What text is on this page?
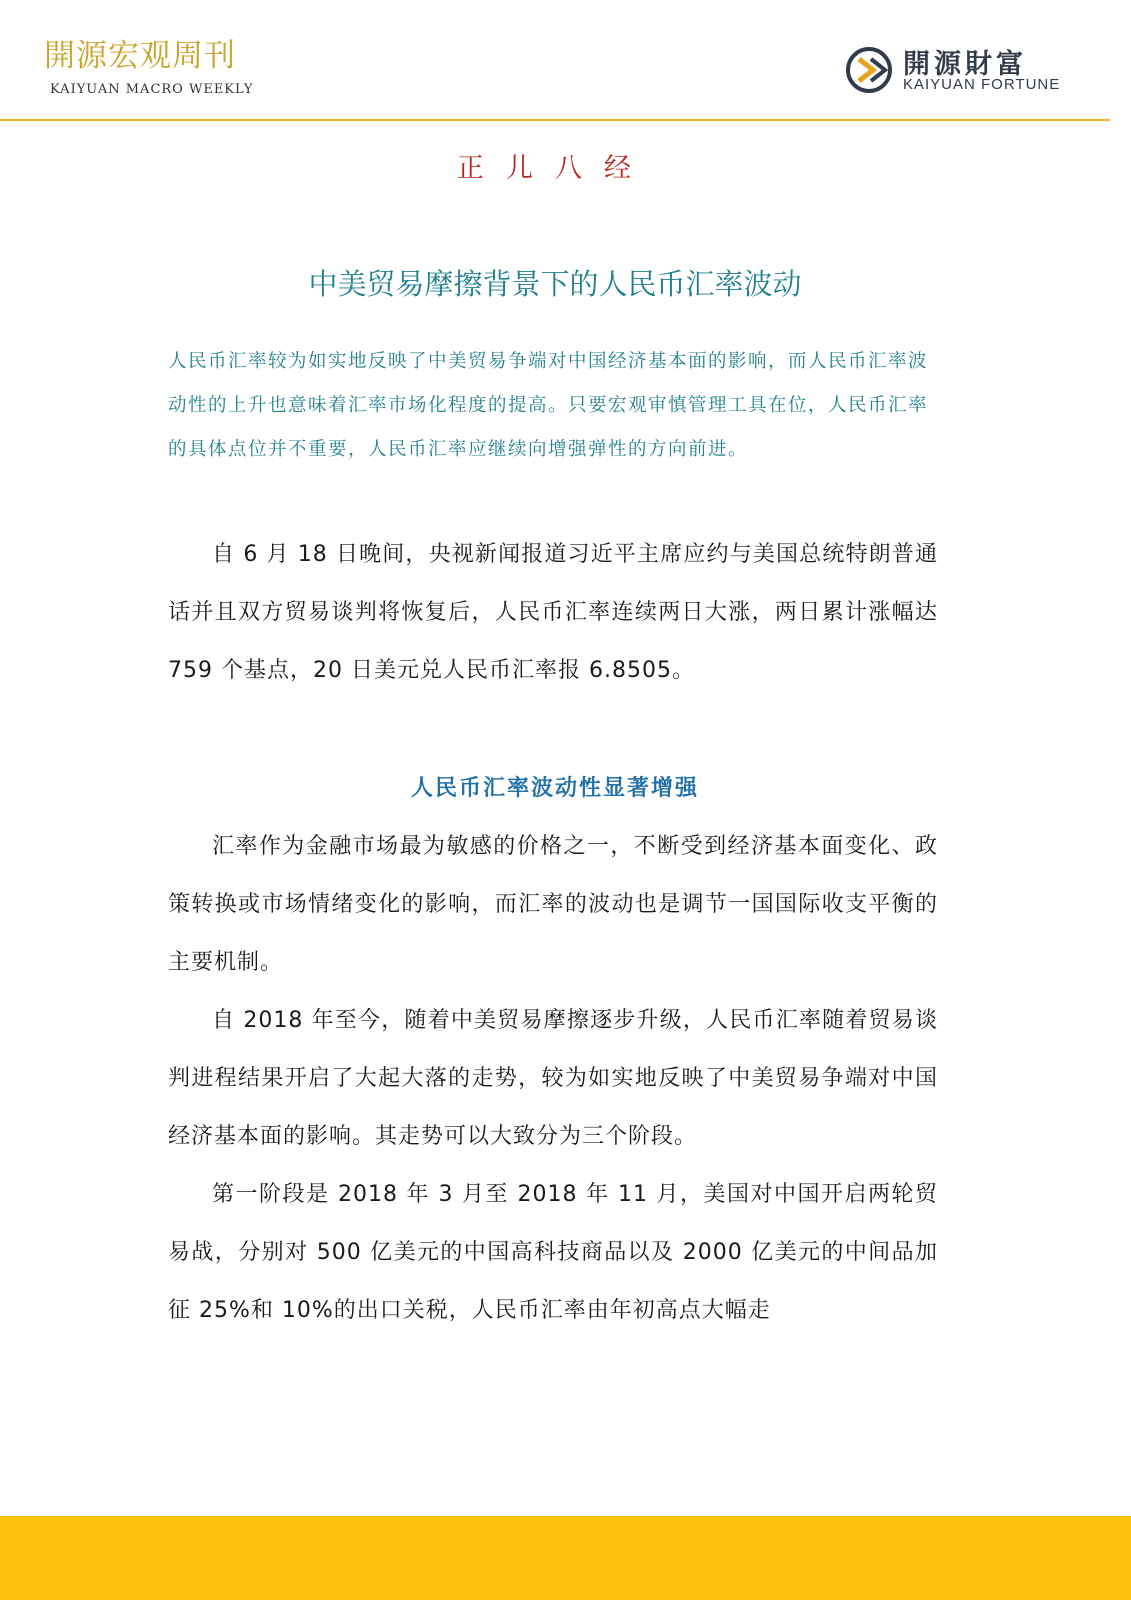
開源宏观周刊
KAIYUAN MACRO WEEKLY
開源財富
KAIYUAN FORTUNE
正儿八经
中美贸易摩擦背景下的人民币汇率波动
人民币汇率较为如实地反映了中美贸易争端对中国经济基本面的影响，而人民币汇率波动性的上升也意味着汇率市场化程度的提高。只要宏观审慎管理工具在位，人民币汇率的具体点位并不重要，人民币汇率应继续向增强弹性的方向前进。

自 6 月 18 日晚间，央视新闻报道习近平主席应约与美国总统特朗普通话并且双方贸易谈判将恢复后，人民币汇率连续两日大涨，两日累计涨幅达 759 个基点，20 日美元兑人民币汇率报 6.8505。

人民币汇率波动性显著增强

汇率作为金融市场最为敏感的价格之一，不断受到经济基本面变化、政策转换或市场情绪变化的影响，而汇率的波动也是调节一国国际收支平衡的主要机制。

自 2018 年至今，随着中美贸易摩擦逐步升级，人民币汇率随着贸易谈判进程结果开启了大起大落的走势，较为如实地反映了中美贸易争端对中国经济基本面的影响。其走势可以大致分为三个阶段。

第一阶段是 2018 年 3 月至 2018 年 11 月，美国对中国开启两轮贸易战，分别对 500 亿美元的中国高科技商品以及 2000 亿美元的中间品加征 25%和 10%的出口关税，人民币汇率由年初高点大幅走
